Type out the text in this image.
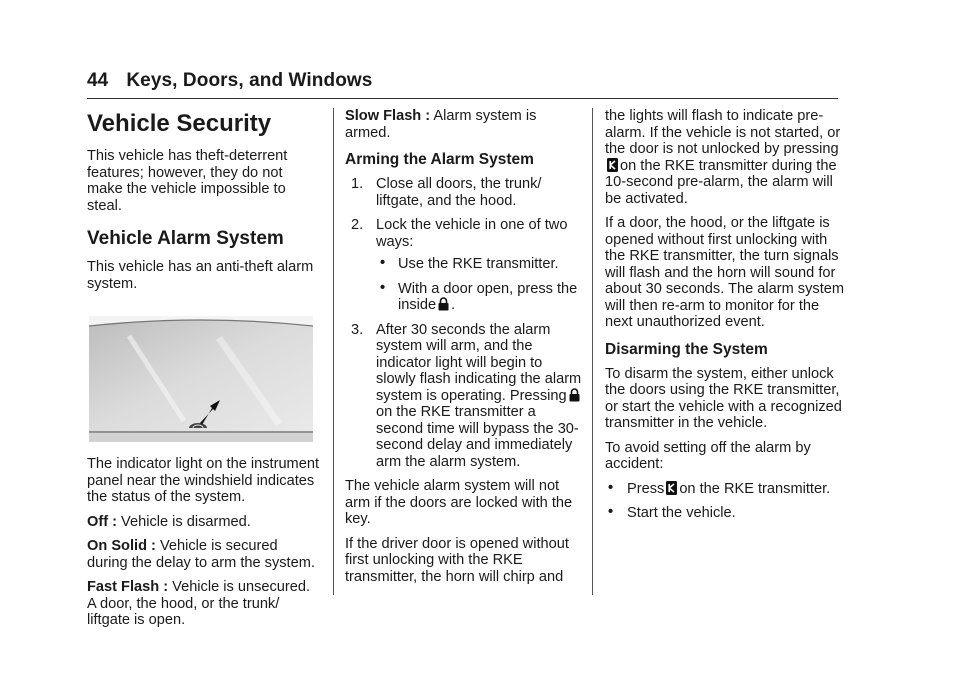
44 Keys, Doors, and Windows
Vehicle Security

This vehicle has theft-deterrent features; however, they do not make the vehicle impossible to steal.

Vehicle Alarm System

This vehicle has an anti-theft alarm system.

The indicator light on the instrument panel near the windshield indicates the status of the system.

Off : Vehicle is disarmed.

On Solid : Vehicle is secured during the delay to arm the system.

Fast Flash : Vehicle is unsecured. A door, the hood, or the trunk/ liftgate is open.

Slow Flash : Alarm system is armed.

Arming the Alarm System
1. Close all doors, the trunk/ liftgate, and the hood.
2. Lock the vehicle in one of two ways:
• Use the RKE transmitter.
• With a door open, press the inside .
3. After 30 seconds the alarm system will arm, and the indicator light will begin to slowly flash indicating the alarm system is operating. Pressingon the RKE transmitter a second time will bypass the 30-second delay and immediately arm the alarm system.

The vehicle alarm system will not arm if the doors are locked with the key.

If the driver door is opened without first unlocking with the RKE transmitter, the horn will chirp and

the lights will flash to indicate pre-alarm. If the vehicle is not started, or the door is not unlocked by pressingon the RKE transmitter during the 10-second pre-alarm, the alarm will be activated.

If a door, the hood, or the liftgate is opened without first unlocking with the RKE transmitter, the turn signals will flash and the horn will sound for about 30 seconds. The alarm system will then re-arm to monitor for the next unauthorized event.

Disarming the System

To disarm the system, either unlock the doors using the RKE transmitter, or start the vehicle with a recognized transmitter in the vehicle.

To avoid setting off the alarm by accident:

• Press on the RKE transmitter.
• Start the vehicle.
